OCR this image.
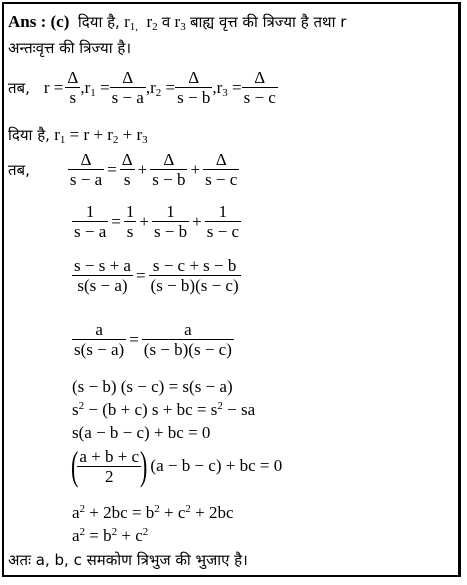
Ans : (c) दिया है, $r_{1,}$ $r_2$ व $r_3$ बाह्य वृत्त की त्रिज्या है तथा r
अन्तःवृत्त की त्रिज्या है।
तब, $r = \frac{\Delta}{s} ,r_1 = \frac{\Delta}{s - a} ,r_2 = \frac{\Delta}{s - b} ,r_3 = \frac{\Delta}{s - c}$
दिया है, $r_1 = r + r_2 + r_3$
तब, $\frac{\Delta}{s - a} = \frac{\Delta}{s} + \frac{\Delta}{s - b} + \frac{\Delta}{s - c}$
$\frac{1}{s - a} = \frac{1}{s} + \frac{1}{s - b} + \frac{1}{s - c}$
$\frac{s - s + a}{s(s - a)} = \frac{s - c + s - b}{(s - b)(s - c)}$
$\frac{a}{s(s - a)} = \frac{a}{(s - b)(s - c)}$
(s − b) (s − c) = s(s − a)
$s^2 - (b + c) s$ + bc = $s^2$ − sa
s(a − b − c) + bc = 0
(
$\frac{a + b + c}{2}$
) (a − b − c) + bc = 0
$a^2 + 2bc = b^2 + c^2 + 2bc$
$a^2 = b^2 + c^2$
अतः a, b, c समकोण त्रिभुज की भुजाए है।
